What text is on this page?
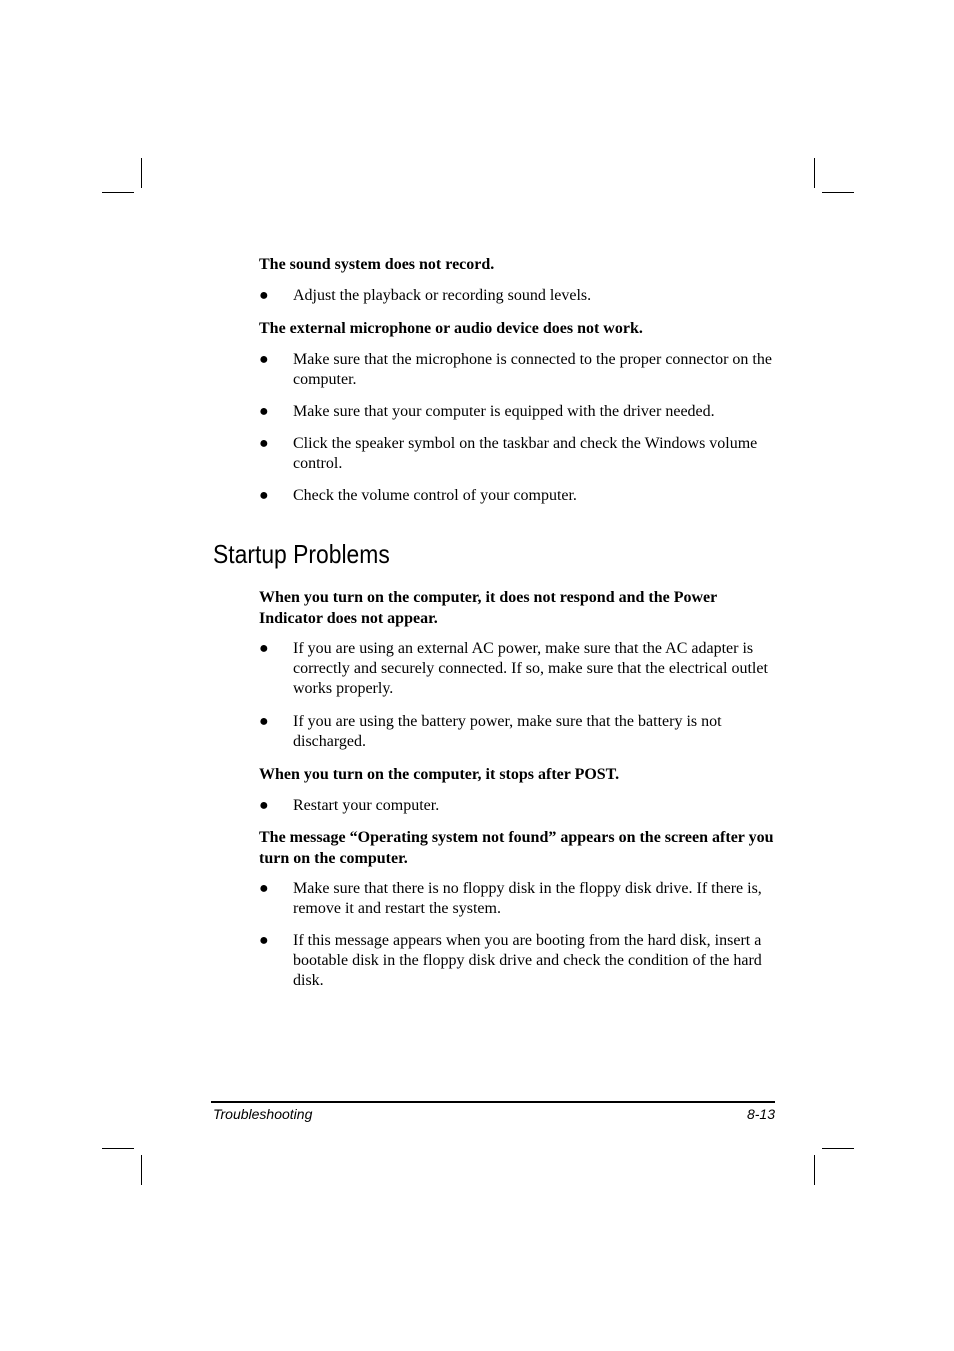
The sound system does not record.
●	Adjust the playback or recording sound levels.
The external microphone or audio device does not work.
●	Make sure that the microphone is connected to the proper connector on the computer.
●	Make sure that your computer is equipped with the driver needed.
●	Click the speaker symbol on the taskbar and check the Windows volume control.
●	Check the volume control of your computer.
Startup Problems
When you turn on the computer, it does not respond and the Power Indicator does not appear.
●	If you are using an external AC power, make sure that the AC adapter is correctly and securely connected. If so, make sure that the electrical outlet works properly.
●	If you are using the battery power, make sure that the battery is not discharged.
When you turn on the computer, it stops after POST.
●	Restart your computer.
The message “Operating system not found” appears on the screen after you turn on the computer.
●	Make sure that there is no floppy disk in the floppy disk drive. If there is, remove it and restart the system.
●	If this message appears when you are booting from the hard disk, insert a bootable disk in the floppy disk drive and check the condition of the hard disk.
Troubleshooting	8-13
